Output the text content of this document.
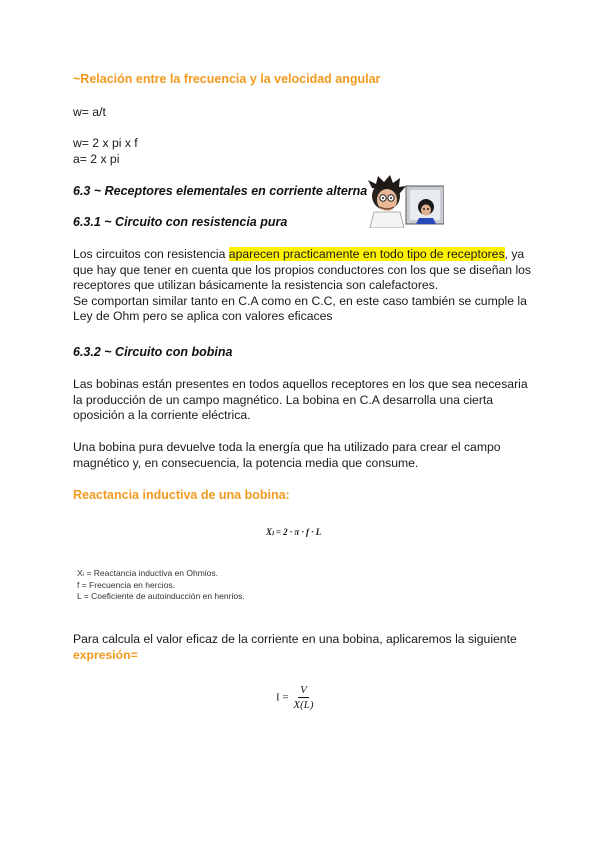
~Relación entre la frecuencia y la velocidad angular

w= a/t

w= 2 x pi x f

a= 2 x pi

6.3 ~ Receptores elementales en corriente alterna

6.3.1 ~ Circuito con resistencia pura

Los circuitos con resistencia aparecen practicamente en todo tipo de receptores, ya
que hay que tener en cuenta que los propios conductores con los que se diseñan los
receptores que utilizan básicamente la resistencia son calefactores.
Se comportan similar tanto en C.A como en C.C, en este caso también se cumple la
Ley de Ohm pero se aplica con valores eficaces

6.3.2 ~ Circuito con bobina

Las bobinas están presentes en todos aquellos receptores en los que sea necesaria
la producción de un campo magnético. La bobina en C.A desarrolla una cierta
oposición a la corriente eléctrica.
Una bobina pura devuelve toda la energía que ha utilizado para crear el campo
magnético y, en consecuencia, la potencia media que consume.

Reactancia inductiva de una bobina:

Xₗ = 2 · π · f · L

Xₗ = Reactancia inductiva en Ohmios.
f = Frecuencia en hercios.
L = Coeficiente de autoinducción en henrios.
Para calcula el valor eficaz de la corriente en una bobina, aplicaremos la siguiente
expresión=
$I = \frac{V}{X(L)}$
